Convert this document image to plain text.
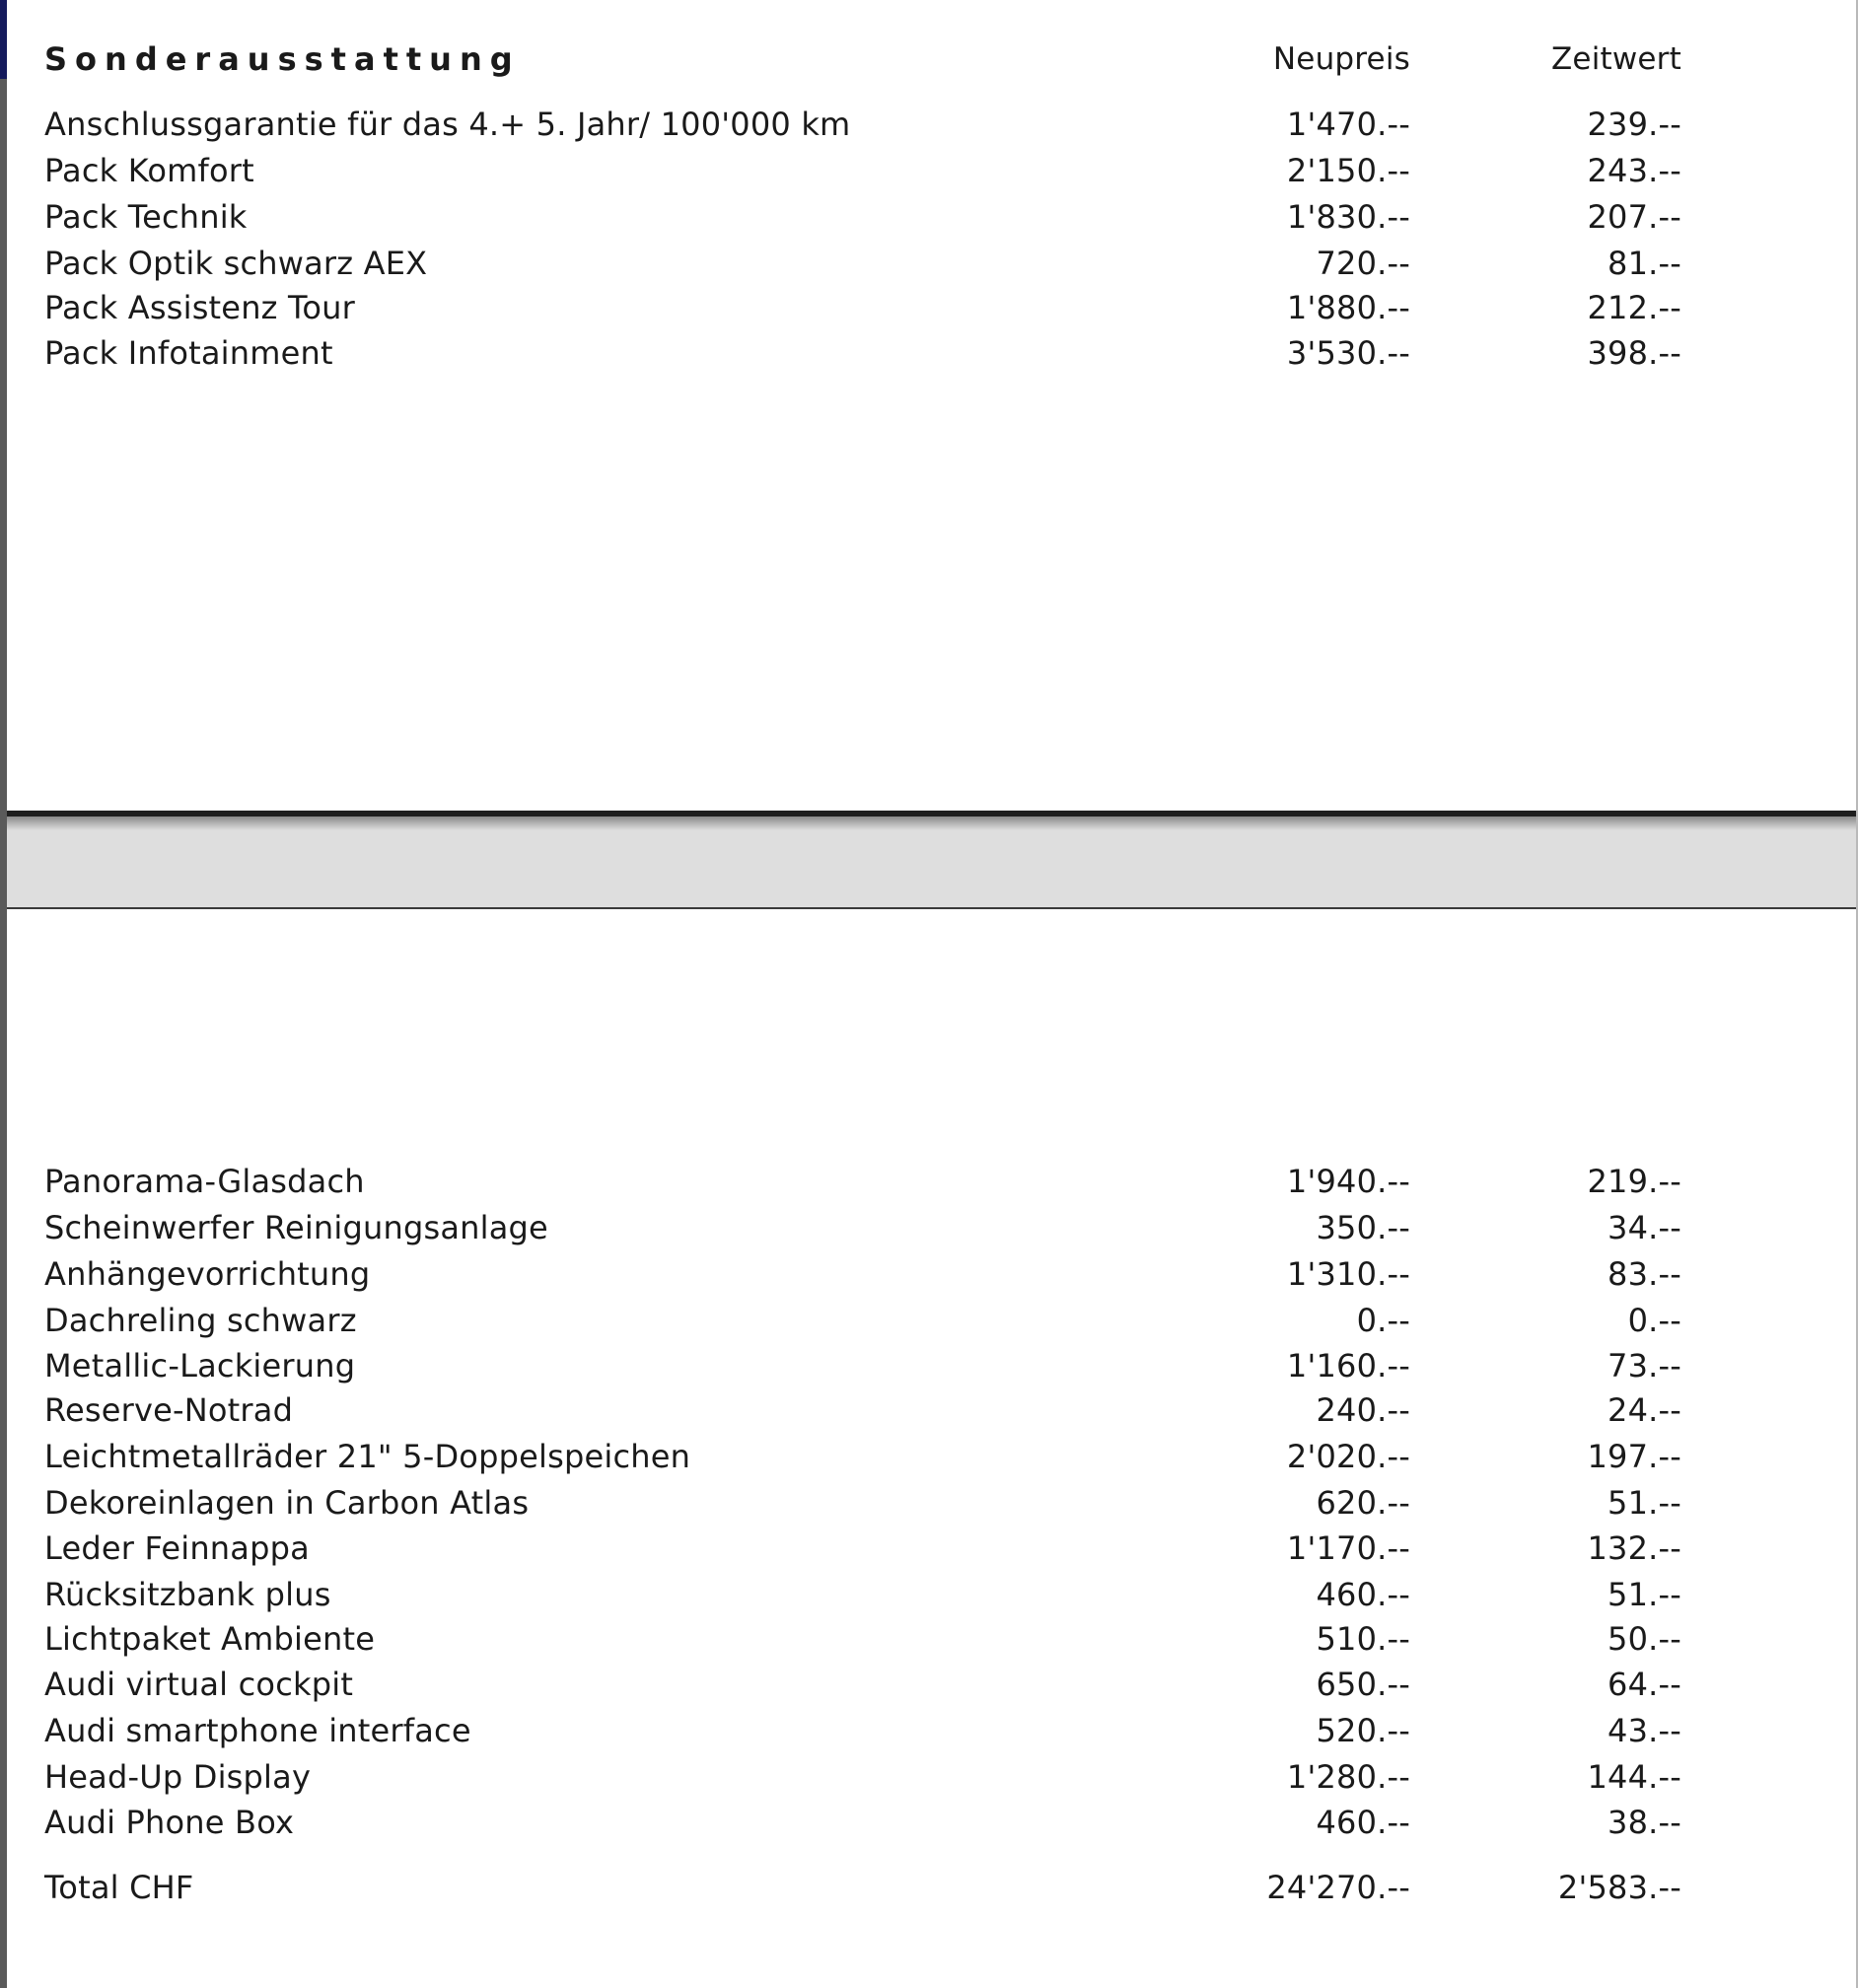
Sonderausstattung	Neupreis	Zeitwert
Anschlussgarantie für das 4.+ 5. Jahr/ 100'000 km	1'470.--	239.--
Pack Komfort	2'150.--	243.--
Pack Technik	1'830.--	207.--
Pack Optik schwarz AEX	720.--	81.--
Pack Assistenz Tour	1'880.--	212.--
Pack Infotainment	3'530.--	398.--
Panorama-Glasdach	1'940.--	219.--
Scheinwerfer Reinigungsanlage	350.--	34.--
Anhängevorrichtung	1'310.--	83.--
Dachreling schwarz	0.--	0.--
Metallic-Lackierung	1'160.--	73.--
Reserve-Notrad	240.--	24.--
Leichtmetallräder 21" 5-Doppelspeichen	2'020.--	197.--
Dekoreinlagen in Carbon Atlas	620.--	51.--
Leder Feinnappa	1'170.--	132.--
Rücksitzbank plus	460.--	51.--
Lichtpaket Ambiente	510.--	50.--
Audi virtual cockpit	650.--	64.--
Audi smartphone interface	520.--	43.--
Head-Up Display	1'280.--	144.--
Audi Phone Box	460.--	38.--
Total CHF	24'270.--	2'583.--
